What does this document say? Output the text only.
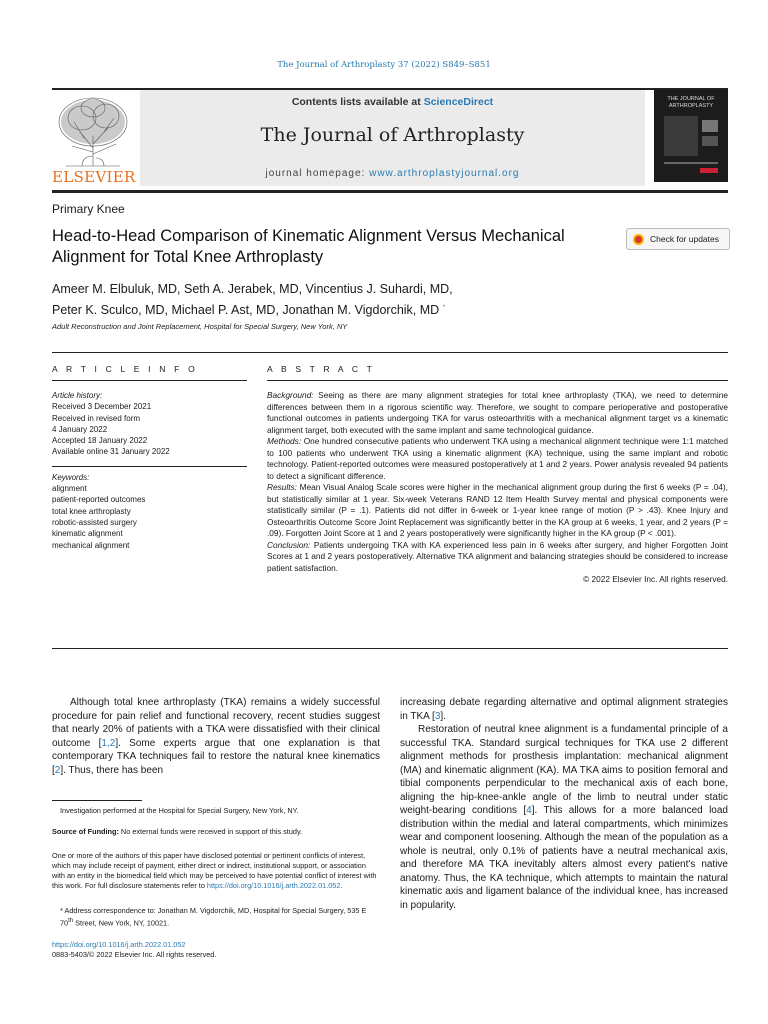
The Journal of Arthroplasty 37 (2022) S849–S851
ELSEVIER
Contents lists available at ScienceDirect
The Journal of Arthroplasty
journal homepage: www.arthroplastyjournal.org
THE JOURNAL OF ARTHROPLASTY
Primary Knee
Head-to-Head Comparison of Kinematic Alignment Versus Mechanical Alignment for Total Knee Arthroplasty
Check for updates
Ameer M. Elbuluk, MD, Seth A. Jerabek, MD, Vincentius J. Suhardi, MD,
Peter K. Sculco, MD, Michael P. Ast, MD, Jonathan M. Vigdorchik, MD *
Adult Reconstruction and Joint Replacement, Hospital for Special Surgery, New York, NY
A R T I C L E I N F O	A B S T R A C T
Article history:
Received 3 December 2021
Received in revised form
4 January 2022
Accepted 18 January 2022
Available online 31 January 2022
Keywords:
alignment
patient-reported outcomes
total knee arthroplasty
robotic-assisted surgery
kinematic alignment
mechanical alignment
Background: Seeing as there are many alignment strategies for total knee arthroplasty (TKA), we need to determine differences between them in a rigorous scientific way. Therefore, we sought to compare perioperative and postoperative functional outcomes in patients undergoing TKA for varus osteoarthritis with a mechanical alignment target vs a kinematic alignment target, both executed with the same implant and same technological guidance.
Methods: One hundred consecutive patients who underwent TKA using a mechanical alignment technique were 1:1 matched to 100 patients who underwent TKA using a kinematic alignment (KA) technique, using the same implant and robotic technology. Patient-reported outcomes were measured postoperatively at 1 and 2 years. Power analysis revealed 94 patients to detect a significant difference.
Results: Mean Visual Analog Scale scores were higher in the mechanical alignment group during the first 6 weeks (P = .04), but statistically similar at 1 year. Six-week Veterans RAND 12 Item Health Survey mental and physical components were statistically similar (P = .1). Patients did not differ in 6-week or 1-year knee range of motion (P > .43). Knee Injury and Osteoarthritis Outcome Score Joint Replacement was significantly better in the KA group at 6 weeks, 1 year, and 2 years (P = .09). Forgotten Joint Score at 1 and 2 years postoperatively were significantly higher in the KA group (P < .001).
Conclusion: Patients undergoing TKA with KA experienced less pain in 6 weeks after surgery, and higher Forgotten Joint Scores at 1 and 2 years postoperatively. Alternative TKA alignment and balancing strategies should be considered to increase patient satisfaction.
© 2022 Elsevier Inc. All rights reserved.

Although total knee arthroplasty (TKA) remains a widely successful procedure for pain relief and functional recovery, recent studies suggest that nearly 20% of patients with a TKA were dissatisfied with their clinical outcome [1,2]. Some experts argue that one explanation is that contemporary TKA techniques fail to restore the natural knee kinematics [2]. Thus, there has been

increasing debate regarding alternative and optimal alignment strategies in TKA [3].

Restoration of neutral knee alignment is a fundamental principle of a successful TKA. Standard surgical techniques for TKA use 2 different alignment methods for prosthesis implantation: mechanical alignment (MA) and kinematic alignment (KA). MA TKA aims to position femoral and tibial components perpendicular to the mechanical axis of each bone, aligning the hip-knee-ankle angle of the limb to neutral under static weight-bearing conditions [4]. This allows for a more balanced load distribution within the medial and lateral compartments, which minimizes wear and component loosening. Although the mean of the population as a whole is neutral, only 0.1% of patients have a neutral mechanical axis, and therefore MA TKA inevitably alters almost every patient's native anatomy. Thus, the KA technique, which attempts to maintain the natural kinematic axis and ligament balance of the individual knee, has increased in popularity.

Investigation performed at the Hospital for Special Surgery, New York, NY.
Source of Funding: No external funds were received in support of this study.
One or more of the authors of this paper have disclosed potential or pertinent conflicts of interest, which may include receipt of payment, either direct or indirect, institutional support, or association with an entity in the biomedical field which may be perceived to have potential conflict of interest with this work. For full disclosure statements refer to https://doi.org/10.1016/j.arth.2022.01.052.
* Address correspondence to: Jonathan M. Vigdorchik, MD, Hospital for Special Surgery, 535 E 70th Street, New York, NY, 10021.
https://doi.org/10.1016/j.arth.2022.01.052
0883-5403/© 2022 Elsevier Inc. All rights reserved.
